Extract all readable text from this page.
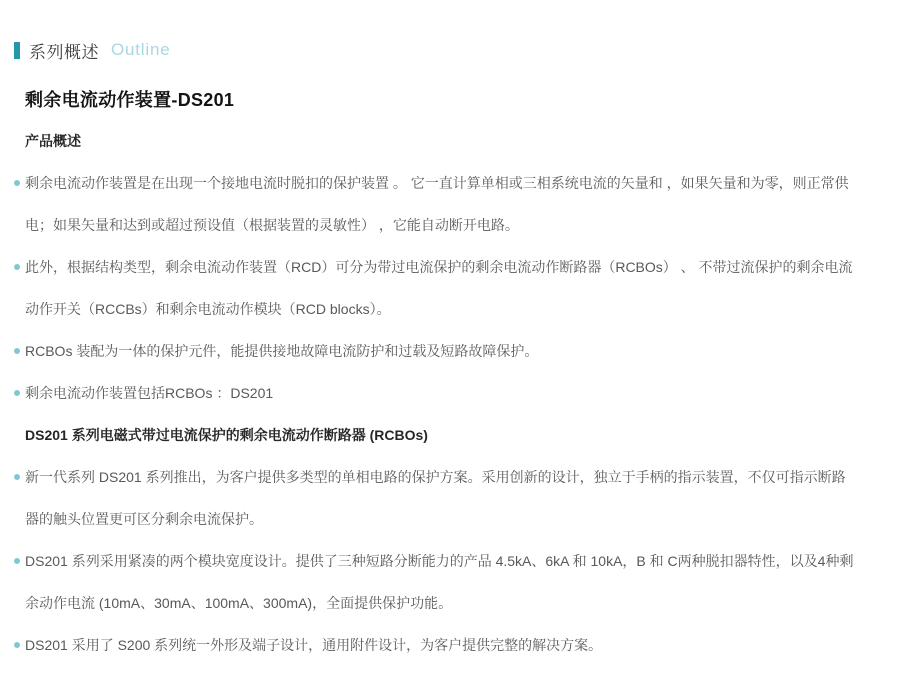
系列概述 Outline
剩余电流动作装置-DS201
产品概述
剩余电流动作装置是在出现一个接地电流时脱扣的保护装置 。 它一直计算单相或三相系统电流的矢量和 ，如果矢量和为零，则正常供电；如果矢量和达到或超过预设值（根据装置的灵敏性） ，它能自动断开电路。
此外，根据结构类型，剩余电流动作装置（RCD）可分为带过电流保护的剩余电流动作断路器（RCBOs） 、 不带过流保护的剩余电流动作开关（RCCBs）和剩余电流动作模块（RCD blocks）。
RCBOs 装配为一体的保护元件，能提供接地故障电流防护和过载及短路故障保护。
剩余电流动作装置包括RCBOs ：DS201
DS201 系列电磁式带过电流保护的剩余电流动作断路器 (RCBOs)
新一代系列 DS201 系列推出，为客户提供多类型的单相电路的保护方案。采用创新的设计，独立于手柄的指示装置，不仅可指示断路器的触头位置更可区分剩余电流保护。
DS201 系列采用紧凑的两个模块宽度设计。提供了三种短路分断能力的产品 4.5kA、6kA 和 10kA，B 和 C两种脱扣器特性，以及4种剩余动作电流 (10mA、30mA、100mA、300mA)，全面提供保护功能。
DS201 采用了 S200 系列统一外形及端子设计，通用附件设计，为客户提供完整的解决方案。
